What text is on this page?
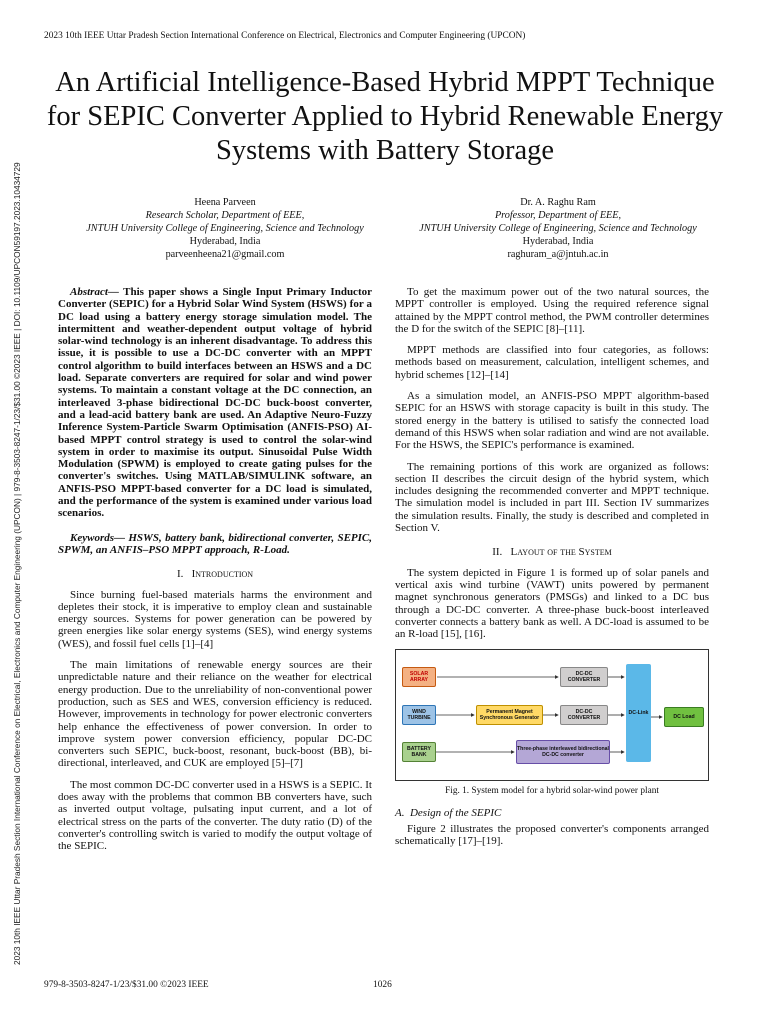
2023 10th IEEE Uttar Pradesh Section International Conference on Electrical, Electronics and Computer Engineering (UPCON)
An Artificial Intelligence-Based Hybrid MPPT Technique for SEPIC Converter Applied to Hybrid Renewable Energy Systems with Battery Storage
Heena Parveen
Research Scholar, Department of EEE,
JNTUH University College of Engineering, Science and Technology
Hyderabad, India
parveenheena21@gmail.com
Dr. A. Raghu Ram
Professor, Department of EEE,
JNTUH University College of Engineering, Science and Technology
Hyderabad, India
raghuram_a@jntuh.ac.in

Abstract— This paper shows a Single Input Primary Inductor Converter (SEPIC) for a Hybrid Solar Wind System (HSWS) for a DC load using a battery energy storage simulation model. The intermittent and weather-dependent output voltage of hybrid solar-wind technology is an inherent disadvantage. To address this issue, it is possible to use a DC-DC converter with an MPPT control algorithm to build interfaces between an HSWS and a DC load. Separate converters are required for solar and wind power systems. To maintain a constant voltage at the DC connection, an interleaved 3-phase bidirectional DC-DC buck-boost converter, and a lead-acid battery bank are used. An Adaptive Neuro-Fuzzy Inference System-Particle Swarm Optimisation (ANFIS-PSO) AI-based MPPT control strategy is used to control the solar-wind system in order to maximise its output. Sinusoidal Pulse Width Modulation (SPWM) is employed to create gating pulses for the converter's switches. Using MATLAB/SIMULINK software, an ANFIS-PSO MPPT-based converter for a DC load is simulated, and the performance of the system is examined under various load scenarios.

Keywords— HSWS, battery bank, bidirectional converter, SEPIC, SPWM, an ANFIS–PSO MPPT approach, R-Load.

I. Introduction

Since burning fuel-based materials harms the environment and depletes their stock, it is imperative to employ clean and sustainable energy sources. Systems for power generation can be powered by green energies like solar energy systems (SES), wind energy systems (WES), and fossil fuel cells [1]–[4]

The main limitations of renewable energy sources are their unpredictable nature and their reliance on the weather for electrical energy production. Due to the unreliability of non-conventional power production, such as SES and WES, conversion efficiency is reduced. However, improvements in technology for power electronic converters help enhance the effectiveness of power conversion. In order to improve system power conversion efficiency, popular DC-DC converters such SEPIC, buck-boost, resonant, buck-boost (BB), bi-directional, interleaved, and CUK are employed [5]–[7]

The most common DC-DC converter used in a HSWS is a SEPIC. It does away with the problems that common BB converters have, such as inverted output voltage, pulsating input current, and a lot of electrical stress on the parts of the converter. The duty ratio (D) of the converter's controlling switch is varied to modify the output voltage of the SEPIC.

To get the maximum power out of the two natural sources, the MPPT controller is employed. Using the required reference signal attained by the MPPT control method, the PWM controller determines the D for the switch of the SEPIC [8]–[11].

MPPT methods are classified into four categories, as follows: methods based on measurement, calculation, intelligent schemes, and hybrid schemes [12]–[14]

As a simulation model, an ANFIS-PSO MPPT algorithm-based SEPIC for an HSWS with storage capacity is built in this study. The stored energy in the battery is utilised to satisfy the connected load demand of this HSWS when solar radiation and wind are not available. For the HSWS, the SEPIC's performance is examined.

The remaining portions of this work are organized as follows: section II describes the circuit design of the hybrid system, which includes designing the recommended converter and MPPT technique. The simulation model is included in part III. Section IV summarizes the simulation results. Finally, the study is described and completed in Section V.

II. Layout of the System

The system depicted in Figure 1 is formed up of solar panels and vertical axis wind turbine (VAWT) units powered by permanent magnet synchronous generators (PMSGs) and linked to a DC bus through a DC-DC converter. A three-phase buck-boost interleaved converter connects a battery bank as well. A DC-load is assumed to be an R-load [15], [16].

SOLAR ARRAY
WIND TURBINE
BATTERY BANK
Permanent Magnet Synchronous Generator
DC-DC CONVERTER
DC-DC CONVERTER
Three-phase interleaved bidirectional DC-DC converter
DC-Link
DC Load

Fig. 1. System model for a hybrid solar-wind power plant

A. Design of the SEPIC

Figure 2 illustrates the proposed converter's components arranged schematically [17]–[19].

2023 10th IEEE Uttar Pradesh Section International Conference on Electrical, Electronics and Computer Engineering (UPCON) | 979-8-3503-8247-1/23/$31.00 ©2023 IEEE | DOI: 10.1109/UPCON59197.2023.10434729
979-8-3503-8247-1/23/$31.00 ©2023 IEEE	1026
